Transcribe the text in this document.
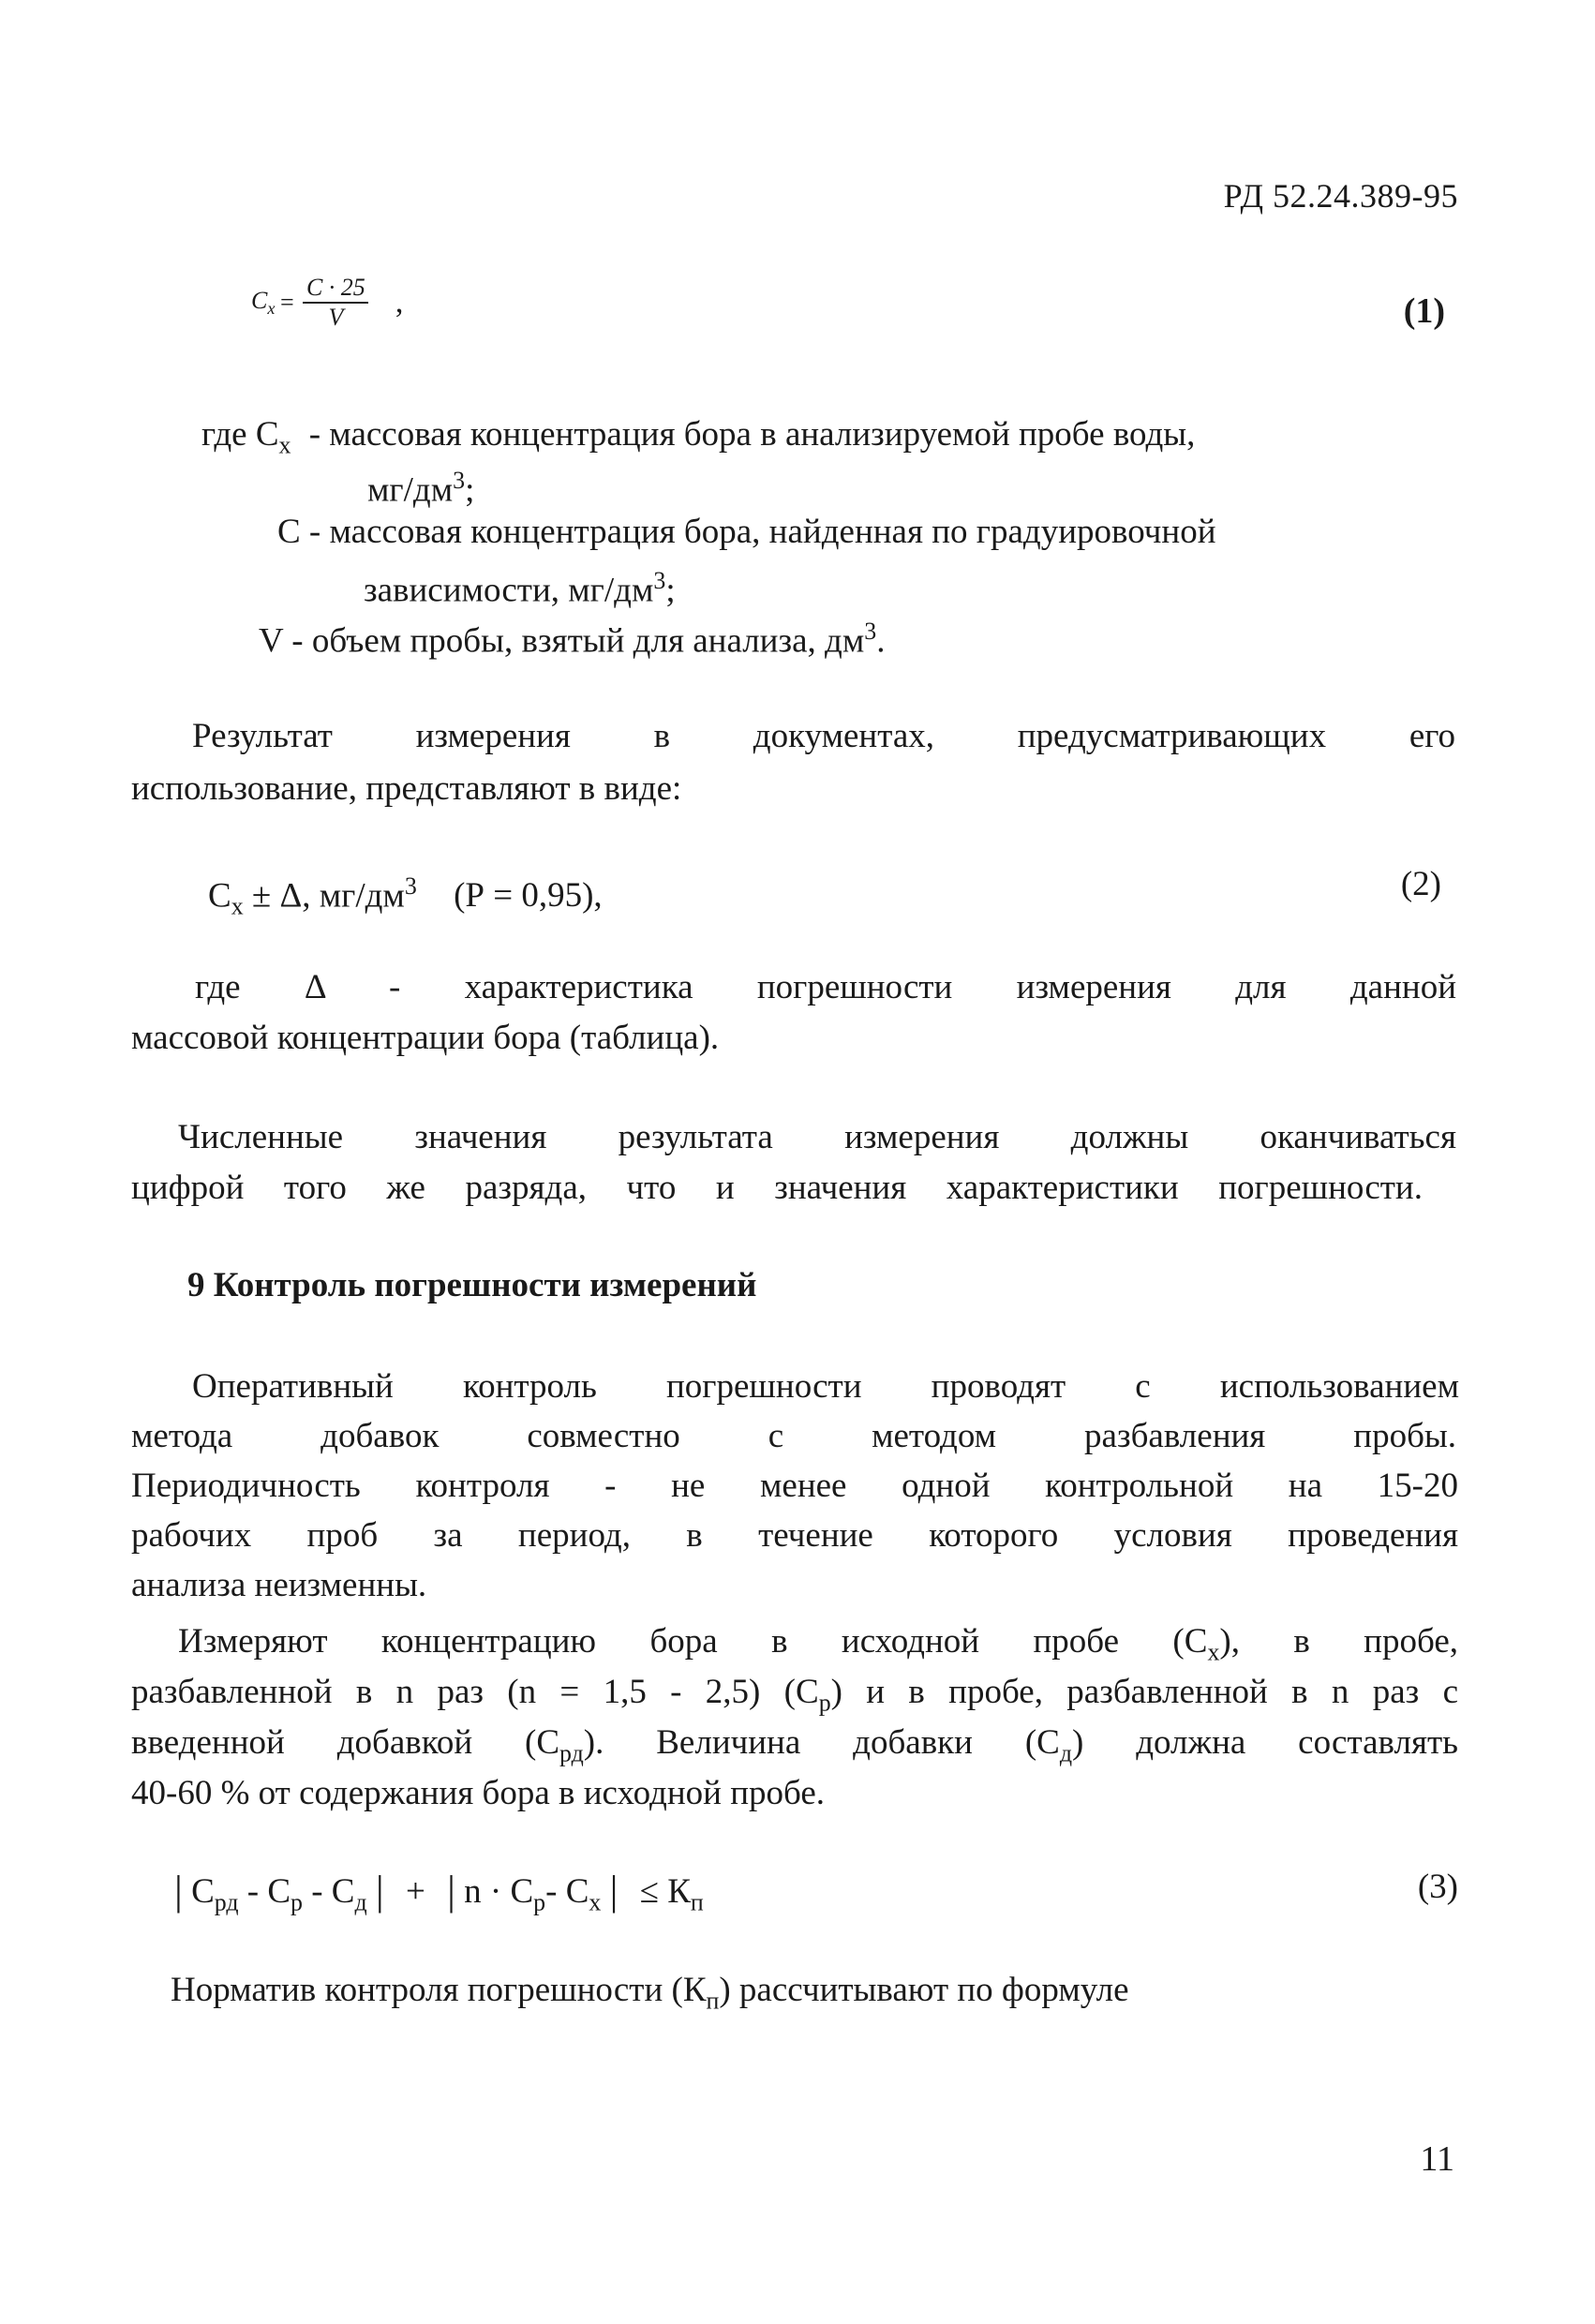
РД 52.24.389-95
$C_x = \frac{C \cdot 25}{V}$ ,	(1)
где $C_x$ - массовая концентрация бора в анализируемой пробе воды,
$мг/дм^3$;
С - массовая концентрация бора, найденная по градуировочной
зависимости, $мг/дм^3$;
V - объем пробы, взятый для анализа, $дм^3$.
Результат измерения в документах, предусматривающих его
использование, представляют в виде:
$C_x \pm \Delta$, $мг/дм^3$ (Р = 0,95),	(2)
где Δ - характеристика погрешности измерения для данной
массовой концентрации бора (таблица).
Численные значения результата измерения должны оканчиваться
цифрой того же разряда, что и значения характеристики погрешности.
9 Контроль погрешности измерений
Оперативный контроль погрешности проводят с использованием
метода добавок совместно с методом разбавления пробы.
Периодичность контроля - не менее одной контрольной на 15-20
рабочих проб за период, в течение которого условия проведения
анализа неизменны.
Измеряют концентрацию бора в исходной пробе $(С_х)$, в пробе,
разбавленной в n раз (n = 1,5 - 2,5) $(С_р)$ и в пробе, разбавленной в n раз с
введенной добавкой $(С_{рд})$. Величина добавки $(С_д)$ должна составлять
40-60 % от содержания бора в исходной пробе.
| $С_{рд} - С_р - С_д$ | + | $n \cdot С_р-$ $С_х$ | ≤ $К_п$	(3)
Норматив контроля погрешности $(К_п)$ рассчитывают по формуле
11
